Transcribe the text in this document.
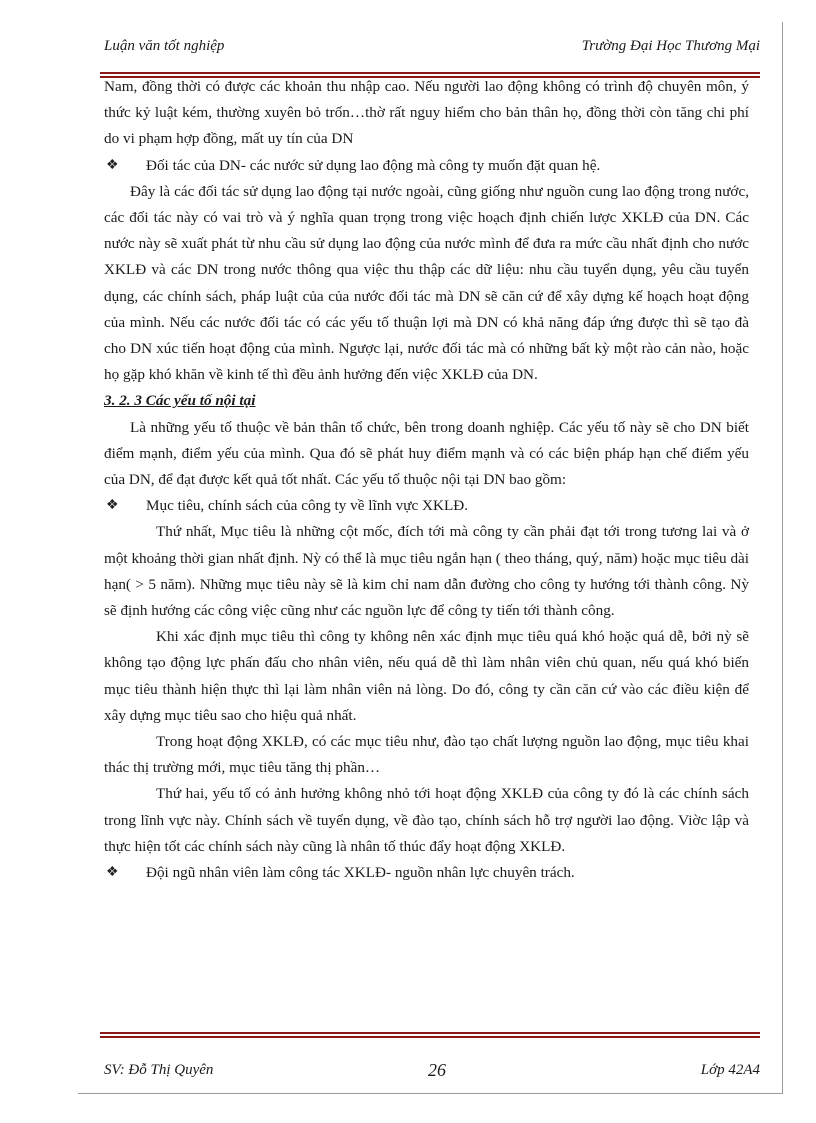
Luận văn tốt nghiệp	Trường Đại Học Thương Mại

Nam, đồng thời có được các khoản thu nhập cao. Nếu người lao động không có trình độ chuyên môn, ý thức kỷ luật kém, thường xuyên bỏ trốn…thờ rất nguy hiểm cho bản thân họ, đồng thời còn tăng chi phí do vi phạm hợp đồng, mất uy tín của DN

❖	Đối tác của DN- các nước sử dụng lao động mà công ty muốn đặt quan hệ.

Đây là các đối tác sử dụng lao động tại nước ngoài, cũng giống như nguồn cung lao động trong nước, các đối tác này có vai trò và ý nghĩa quan trọng trong việc hoạch định chiến lược XKLĐ của DN. Các nước này sẽ xuất phát từ nhu cầu sử dụng lao động của nước mình để đưa ra mức cầu nhất định cho nước XKLĐ và các DN trong nước thông qua việc thu thập các dữ liệu: nhu cầu tuyển dụng, yêu cầu tuyển dụng, các chính sách, pháp luật của của nước đối tác mà DN sẽ căn cứ để xây dựng kế hoạch hoạt động của mình. Nếu các nước đối tác có các yếu tố thuận lợi mà DN có khả năng đáp ứng được thì sẽ tạo đà cho DN xúc tiến hoạt động của mình. Ngược lại, nước đối tác mà có những bất kỳ một rào cản nào, hoặc họ gặp khó khăn về kinh tế thì đều ảnh hưởng đến việc XKLĐ của DN.

3. 2. 3 Các yếu tố nội tại

Là những yếu tố thuộc về bản thân tổ chức, bên trong doanh nghiệp. Các yếu tố này sẽ cho DN biết điểm mạnh, điểm yếu của mình. Qua đó sẽ phát huy điểm mạnh và có các biện pháp hạn chế điểm yếu của DN, để đạt được kết quả tốt nhất. Các yếu tố thuộc nội tại DN bao gồm:

❖	Mục tiêu, chính sách của công ty về lĩnh vực XKLĐ.

Thứ nhất, Mục tiêu là những cột mốc, đích tới mà công ty cần phải đạt tới trong tương lai và ở một khoảng thời gian nhất định. Nỳ có thể là mục tiêu ngắn hạn ( theo tháng, quý, năm) hoặc mục tiêu dài hạn( > 5 năm). Những mục tiêu này sẽ là kim chỉ nam dẫn đường cho công ty hướng tới thành công. Nỳ sẽ định hướng các công việc cũng như các nguồn lực để công ty tiến tới thành công.

Khi xác định mục tiêu thì công ty không nên xác định mục tiêu quá khó hoặc quá dễ, bởi nỳ sẽ không tạo động lực phấn đấu cho nhân viên, nếu quá dễ thì làm nhân viên chủ quan, nếu quá khó biến mục tiêu thành hiện thực thì lại làm nhân viên nả lòng. Do đó, công ty cần căn cứ vào các điều kiện để xây dựng mục tiêu sao cho hiệu quả nhất.

Trong hoạt động XKLĐ, có các mục tiêu như, đào tạo chất lượng nguồn lao động, mục tiêu khai thác thị trường mới, mục tiêu tăng thị phần…

Thứ hai, yếu tố có ảnh hưởng không nhỏ tới hoạt động XKLĐ của công ty đó là các chính sách trong lĩnh vực này. Chính sách về tuyển dụng, về đào tạo, chính sách hỗ trợ người lao động. Viờc lập và thực hiện tốt các chính sách này cũng là nhân tố thúc đẩy hoạt động XKLĐ.

❖	Đội ngũ nhân viên làm công tác XKLĐ- nguồn nhân lực chuyên trách.
SV: Đỗ Thị Quyên	26	Lớp 42A4
